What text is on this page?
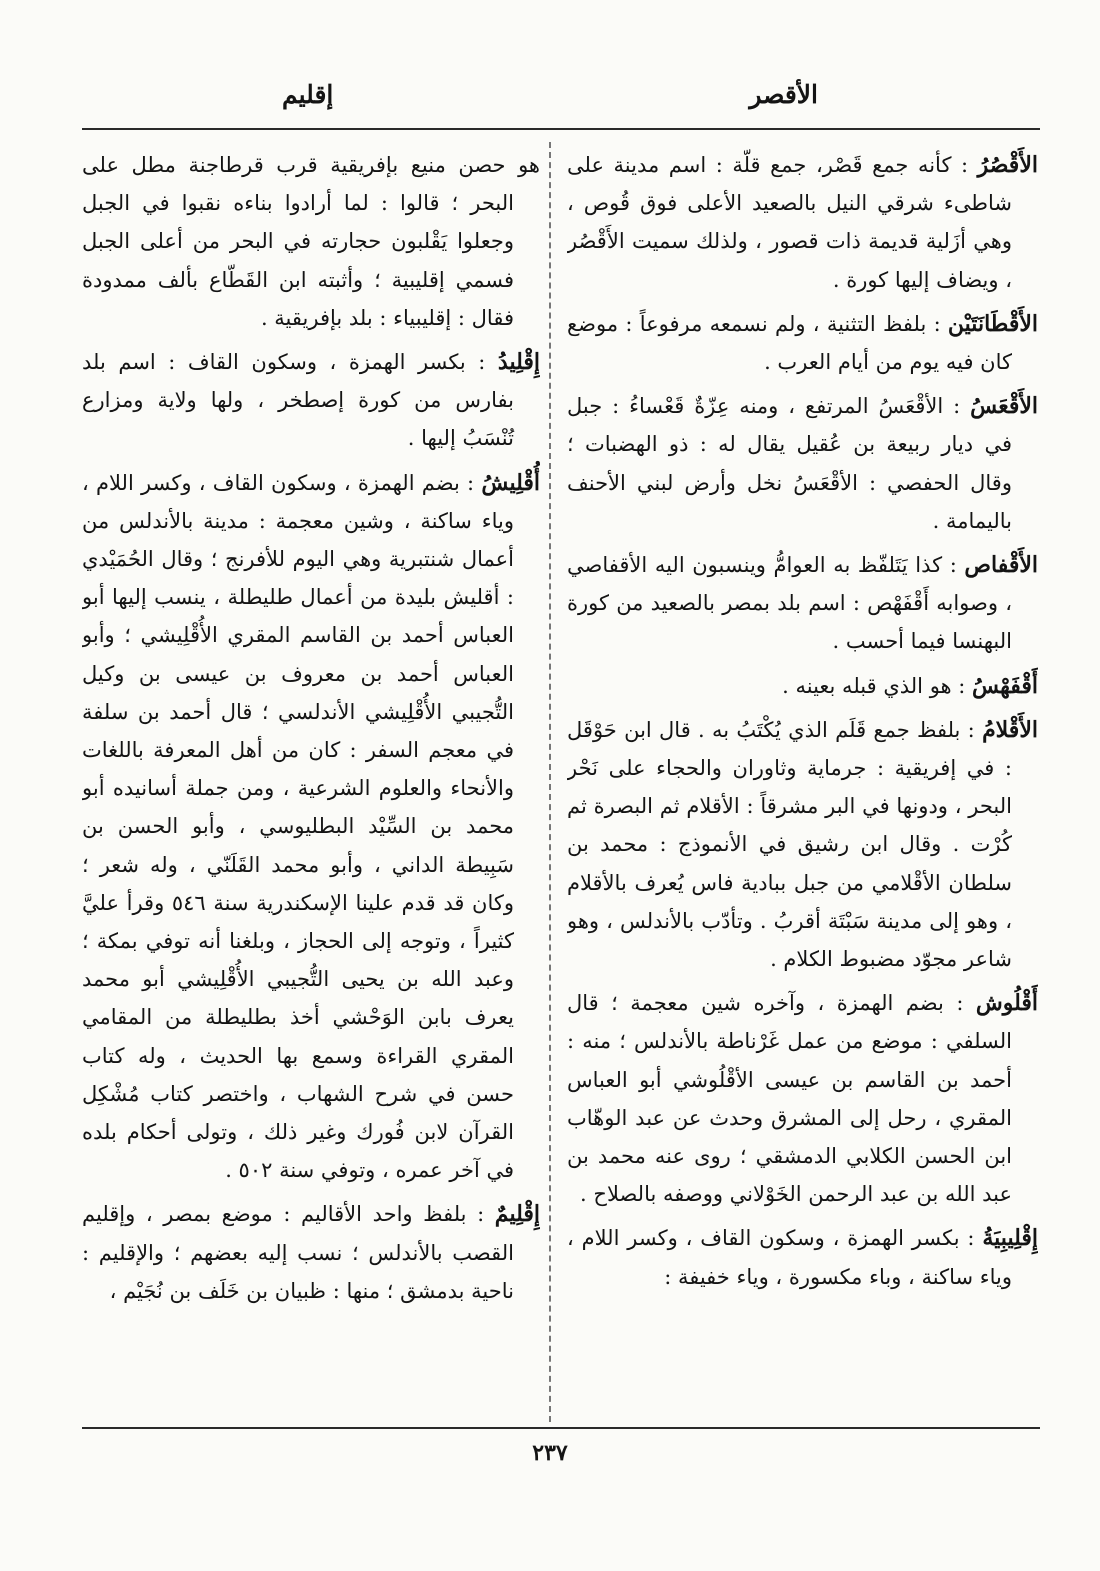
الأقصر
إقليم

الأَقْصُرُ : كأنه جمع قَصْر، جمع قلّة : اسم مدينة على شاطىء شرقي النيل بالصعيد الأعلى فوق قُوص ، وهي أزَلية قديمة ذات قصور ، ولذلك سميت الأَقْصُر ، ويضاف إليها كورة .

الأَقْطَانَتَيْن : بلفظ التثنية ، ولم نسمعه مرفوعاً : موضع كان فيه يوم من أيام العرب .

الأَقْعَسُ : الأقْعَسُ المرتفع ، ومنه عِزّةٌ قَعْساءُ : جبل في ديار ربيعة بن عُقيل يقال له : ذو الهضبات ؛ وقال الحفصي : الأقْعَسُ نخل وأرض لبني الأحنف باليمامة .

الأَقْفاص : كذا يَتَلفّظ به العوامُّ وينسبون اليه الأقفاصي ، وصوابه أَقْفَهْص : اسم بلد بمصر بالصعيد من كورة البهنسا فيما أحسب .

أَقْفَهْسُ : هو الذي قبله بعينه .

الأَقْلامُ : بلفظ جمع قَلَم الذي يُكْتَبُ به . قال ابن حَوْقَل : في إفريقية : جرماية وثاوران والحجاء على نَحْر البحر ، ودونها في البر مشرقاً : الأقلام ثم البصرة ثم كُرْت . وقال ابن رشيق في الأنموذج : محمد بن سلطان الأقْلامي من جبل ببادية فاس يُعرف بالأقلام ، وهو إلى مدينة سَبْتَة أقربُ . وتأدّب بالأندلس ، وهو شاعر مجوّد مضبوط الكلام .

أَقْلُوش : بضم الهمزة ، وآخره شين معجمة ؛ قال السلفي : موضع من عمل غَرْناطة بالأندلس ؛ منه : أحمد بن القاسم بن عيسى الأقْلُوشي أبو العباس المقري ، رحل إلى المشرق وحدث عن عبد الوهّاب ابن الحسن الكلابي الدمشقي ؛ روى عنه محمد بن عبد الله بن عبد الرحمن الخَوْلاني ووصفه بالصلاح .

إِقْلِيبِيَةُ : بكسر الهمزة ، وسكون القاف ، وكسر اللام ، وياء ساكنة ، وباء مكسورة ، وياء خفيفة :

هو حصن منيع بإفريقية قرب قرطاجنة مطل على البحر ؛ قالوا : لما أرادوا بناءه نقبوا في الجبل وجعلوا يَقْلبون حجارته في البحر من أعلى الجبل فسمي إقليبية ؛ وأثبته ابن القَطّاع بألف ممدودة فقال : إقليبياء : بلد بإفريقية .

إِقْلِيدُ : بكسر الهمزة ، وسكون القاف : اسم بلد بفارس من كورة إصطخر ، ولها ولاية ومزارع تُنْسَبُ إليها .

أُقْلِيشُ : بضم الهمزة ، وسكون القاف ، وكسر اللام ، وياء ساكنة ، وشين معجمة : مدينة بالأندلس من أعمال شنتبرية وهي اليوم للأفرنج ؛ وقال الحُمَيْدي : أقليش بليدة من أعمال طليطلة ، ينسب إليها أبو العباس أحمد بن القاسم المقري الأُقْلِيشي ؛ وأبو العباس أحمد بن معروف بن عيسى بن وكيل التُّجيبي الأُقْلِيشي الأندلسي ؛ قال أحمد بن سلفة في معجم السفر : كان من أهل المعرفة باللغات والأنحاء والعلوم الشرعية ، ومن جملة أسانيده أبو محمد بن السِّيْد البطليوسي ، وأبو الحسن بن سَبِيطة الداني ، وأبو محمد القَلَنّي ، وله شعر ؛ وكان قد قدم علينا الإسكندرية سنة ٥٤٦ وقرأ عليَّ كثيراً ، وتوجه إلى الحجاز ، وبلغنا أنه توفي بمكة ؛ وعبد الله بن يحيى التُّجيبي الأُقْلِيشي أبو محمد يعرف بابن الوَحْشي أخذ بطليطلة من المقامي المقري القراءة وسمع بها الحديث ، وله كتاب حسن في شرح الشهاب ، واختصر كتاب مُشْكِل القرآن لابن فُورك وغير ذلك ، وتولى أحكام بلده في آخر عمره ، وتوفي سنة ٥٠٢ .

إِقْلِيمٌ : بلفظ واحد الأقاليم : موضع بمصر ، وإقليم القصب بالأندلس ؛ نسب إليه بعضهم ؛ والإقليم : ناحية بدمشق ؛ منها : ظبيان بن خَلَف بن نُجَيْم ،

٢٣٧
